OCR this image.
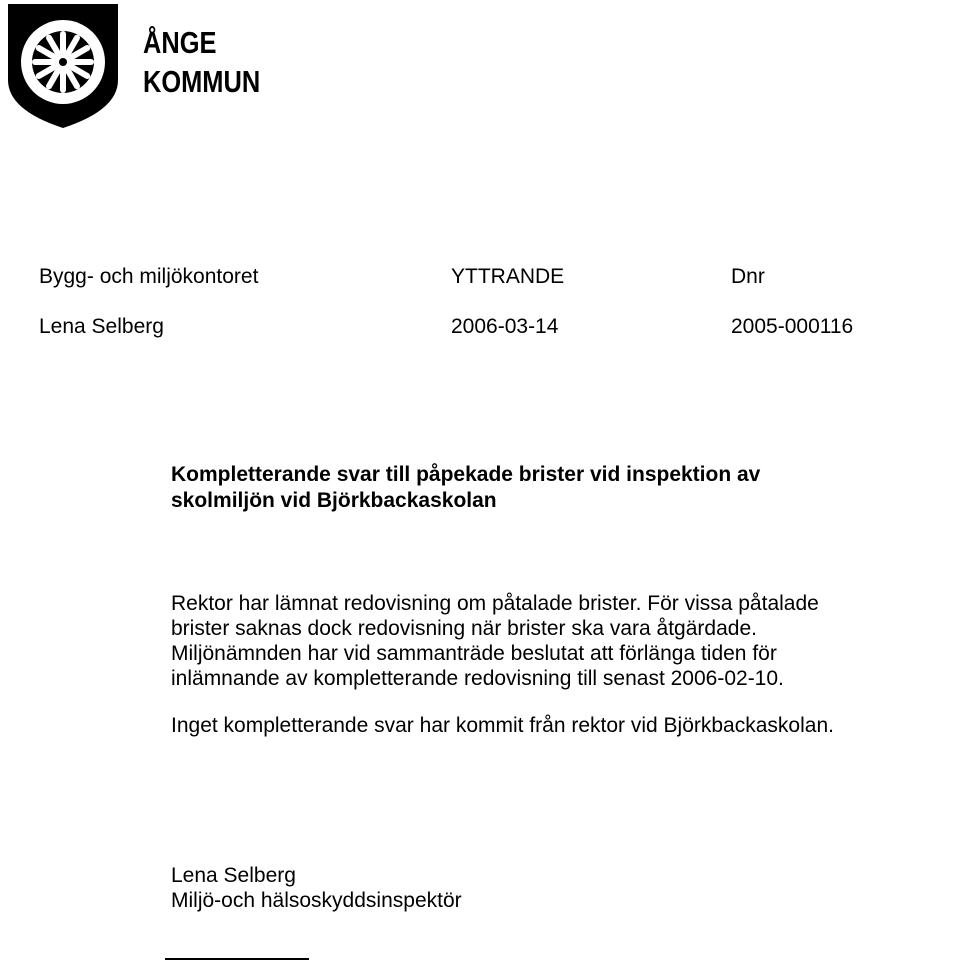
ÅNGE
KOMMUN
Bygg- och miljökontoret	YTTRANDE	Dnr
Lena Selberg	2006-03-14	2005-000116
Kompletterande svar till påpekade brister vid inspektion av
skolmiljön vid Björkbackaskolan
Rektor har lämnat redovisning om påtalade brister. För vissa påtalade
brister saknas dock redovisning när brister ska vara åtgärdade.
Miljönämnden har vid sammanträde beslutat att förlänga tiden för
inlämnande av kompletterande redovisning till senast 2006-02-10.
Inget kompletterande svar har kommit från rektor vid Björkbackaskolan.
Lena Selberg
Miljö-och hälsoskyddsinspektör
